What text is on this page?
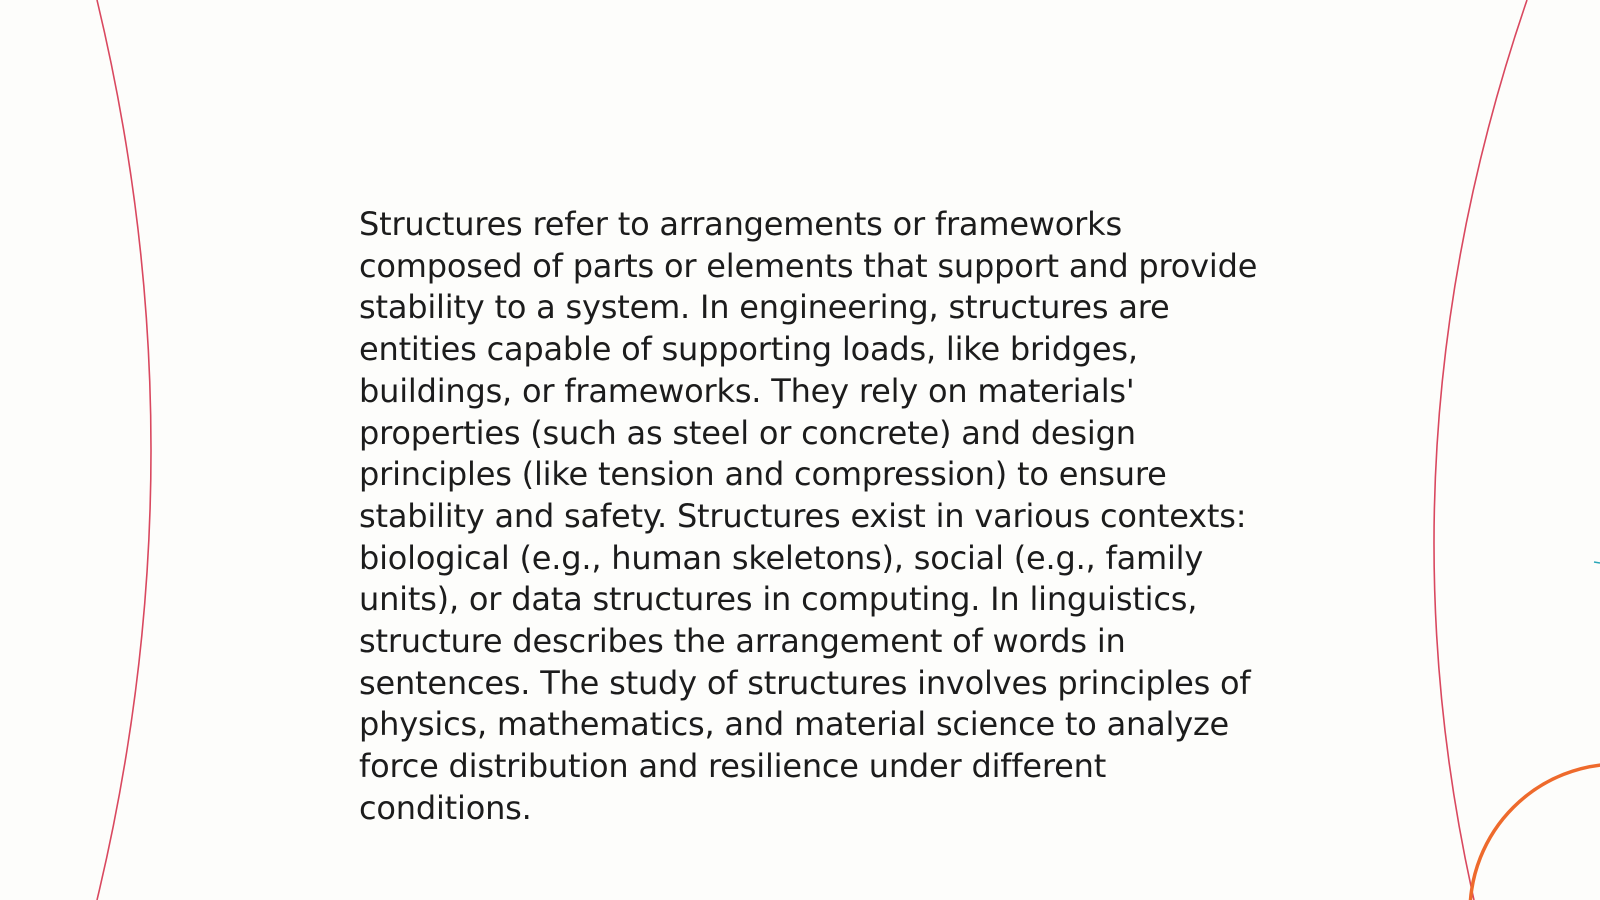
Structures refer to arrangements or frameworks composed of parts or elements that support and provide stability to a system. In engineering, structures are entities capable of supporting loads, like bridges, buildings, or frameworks. They rely on materials' properties (such as steel or concrete) and design principles (like tension and compression) to ensure stability and safety. Structures exist in various contexts: biological (e.g., human skeletons), social (e.g., family units), or data structures in computing. In linguistics, structure describes the arrangement of words in sentences. The study of structures involves principles of physics, mathematics, and material science to analyze force distribution and resilience under different conditions.
